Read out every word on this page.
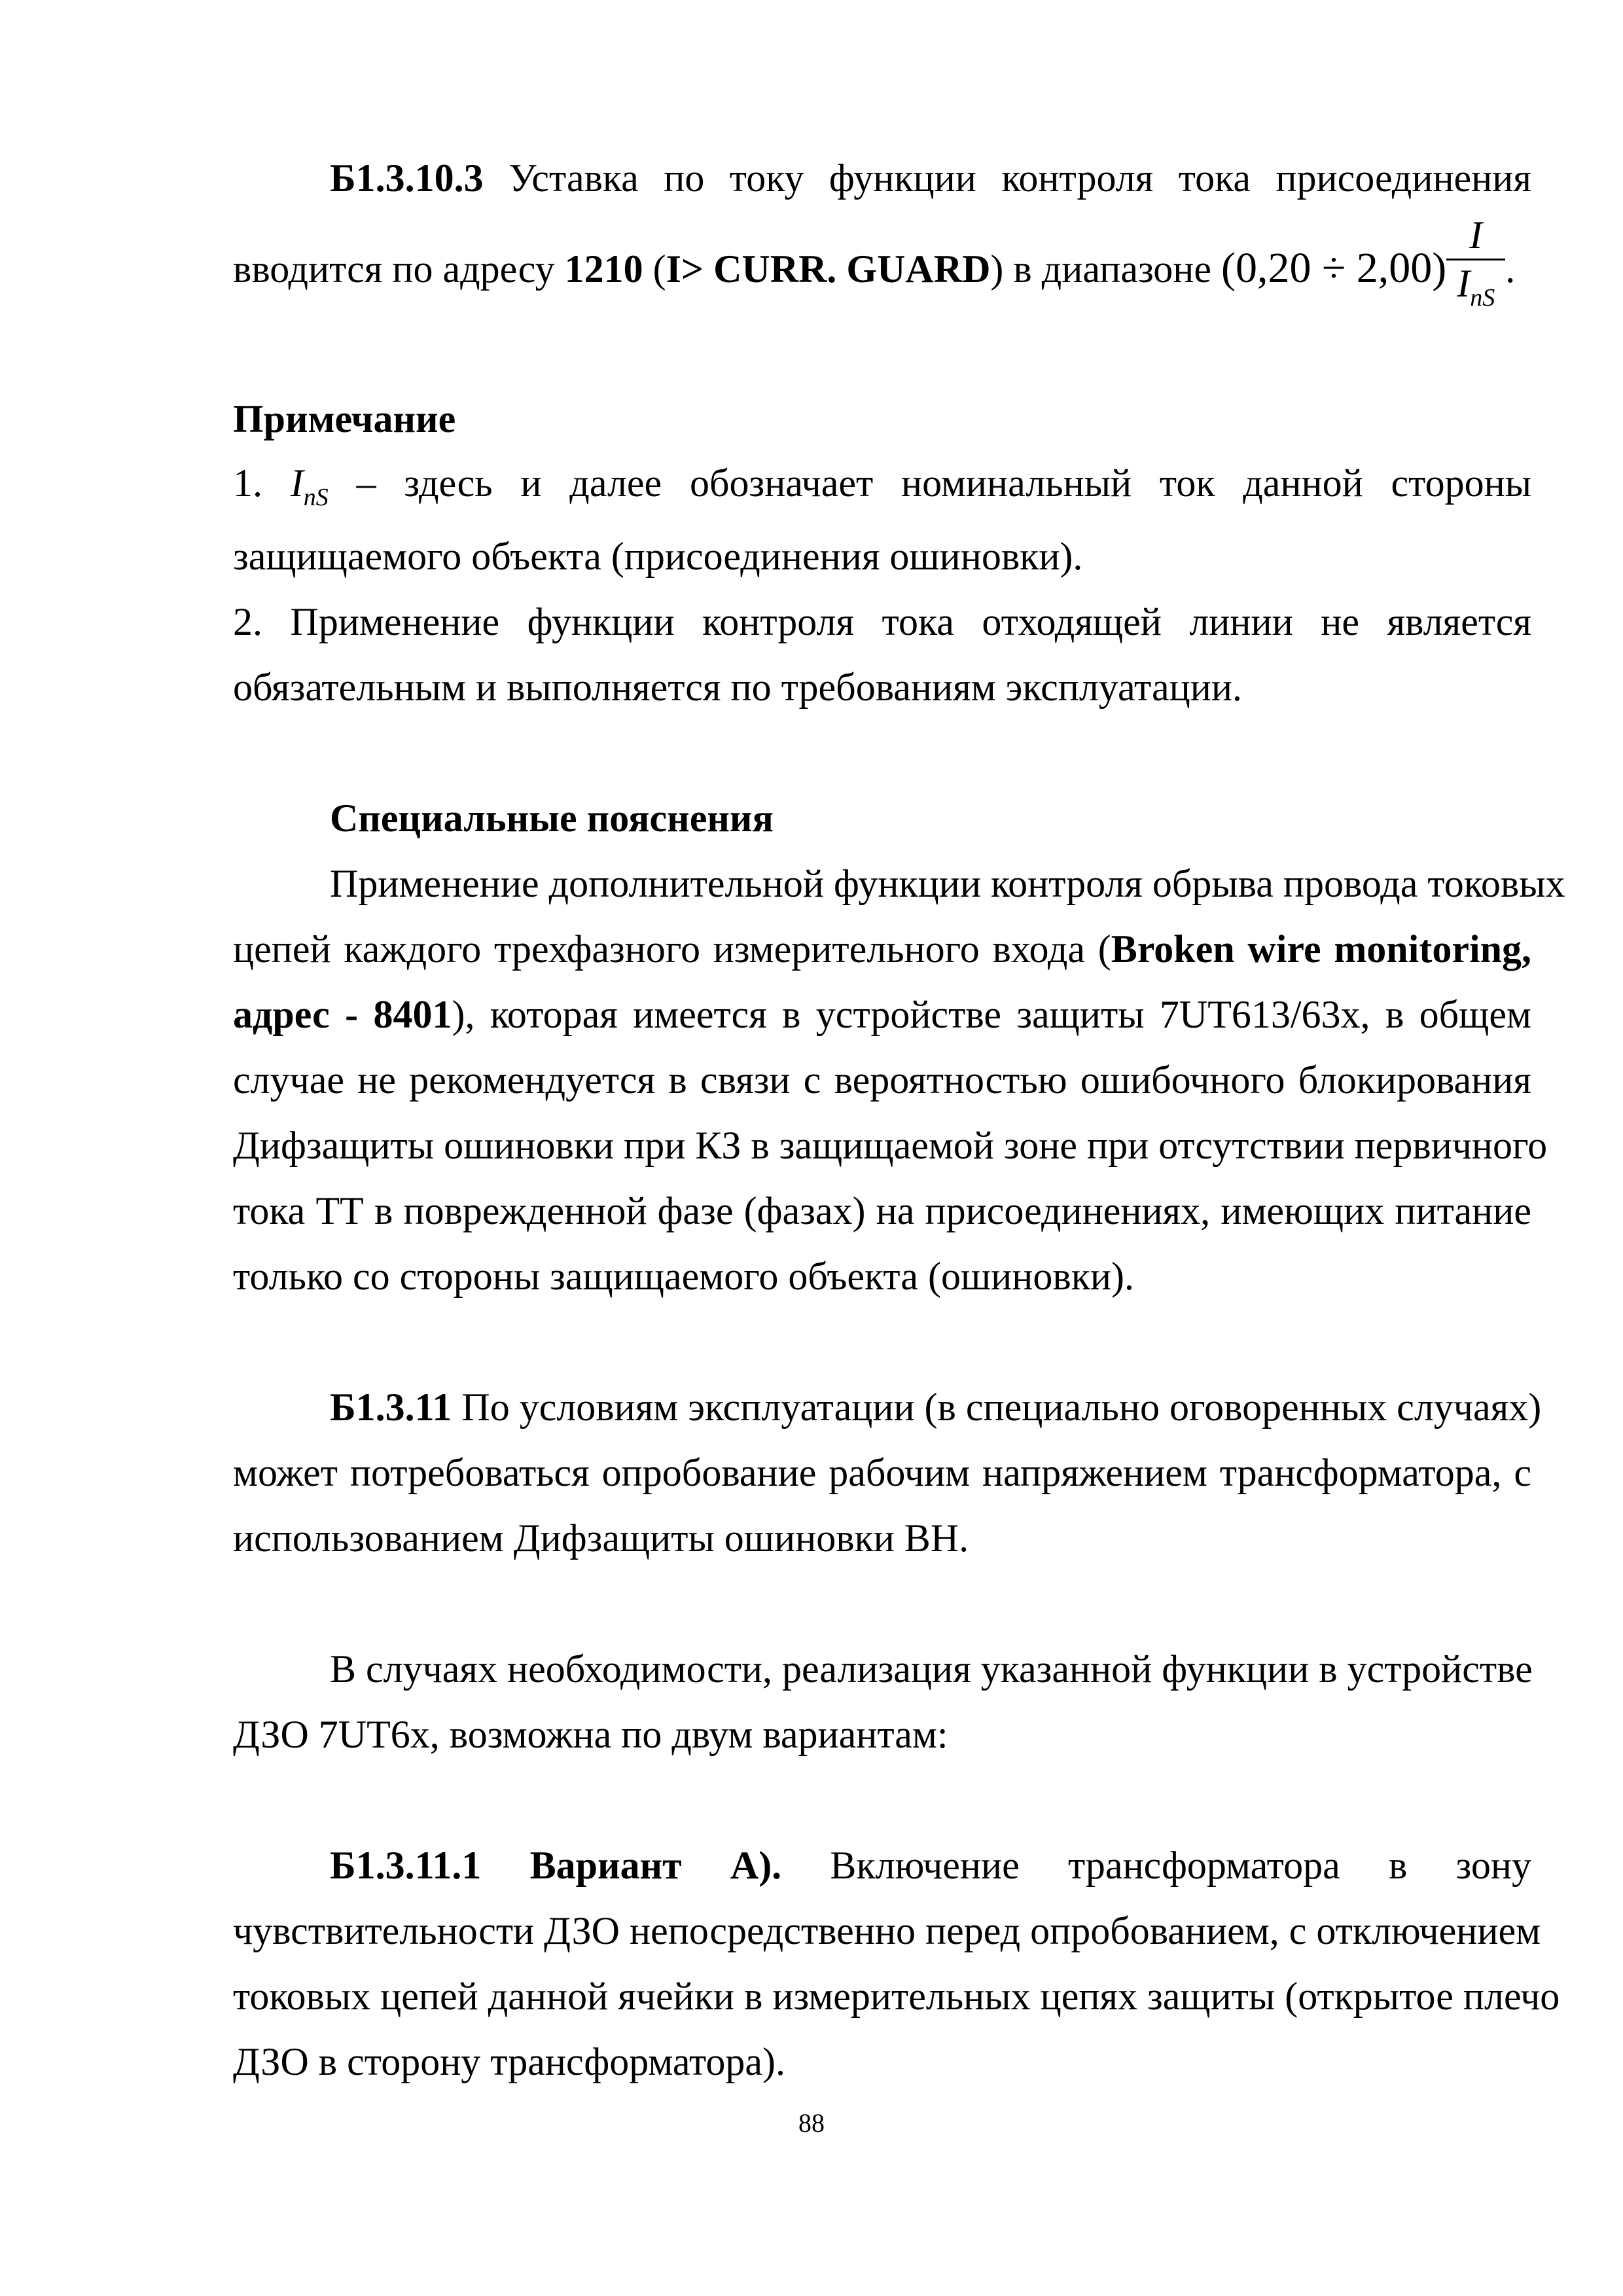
Б1.3.10.3 Уставка по току функции контроля тока присоединения
вводится по адресу 1210 (I> CURR. GUARD) в диапазоне $(0,20 \div 2,00) \frac{I}{I_{nS}}$ .
Примечание
1. $I_{nS}$ – здесь и далее обозначает номинальный ток данной стороны
защищаемого объекта (присоединения ошиновки).
2. Применение функции контроля тока отходящей линии не является
обязательным и выполняется по требованиям эксплуатации.
Специальные пояснения
Применение дополнительной функции контроля обрыва провода токовых
цепей каждого трехфазного измерительного входа (Broken wire monitoring,
адрес - 8401), которая имеется в устройстве защиты 7UT613/63x, в общем
случае не рекомендуется в связи с вероятностью ошибочного блокирования
Дифзащиты ошиновки при КЗ в защищаемой зоне при отсутствии первичного
тока ТТ в поврежденной фазе (фазах) на присоединениях, имеющих питание
только со стороны защищаемого объекта (ошиновки).
Б1.3.11 По условиям эксплуатации (в специально оговоренных случаях)
может потребоваться опробование рабочим напряжением трансформатора, с
использованием Дифзащиты ошиновки ВН.
В случаях необходимости, реализация указанной функции в устройстве
ДЗО 7UT6x, возможна по двум вариантам:
Б1.3.11.1 Вариант А). Включение трансформатора в зону
чувствительности ДЗО непосредственно перед опробованием, с отключением
токовых цепей данной ячейки в измерительных цепях защиты (открытое плечо
ДЗО в сторону трансформатора).
88
